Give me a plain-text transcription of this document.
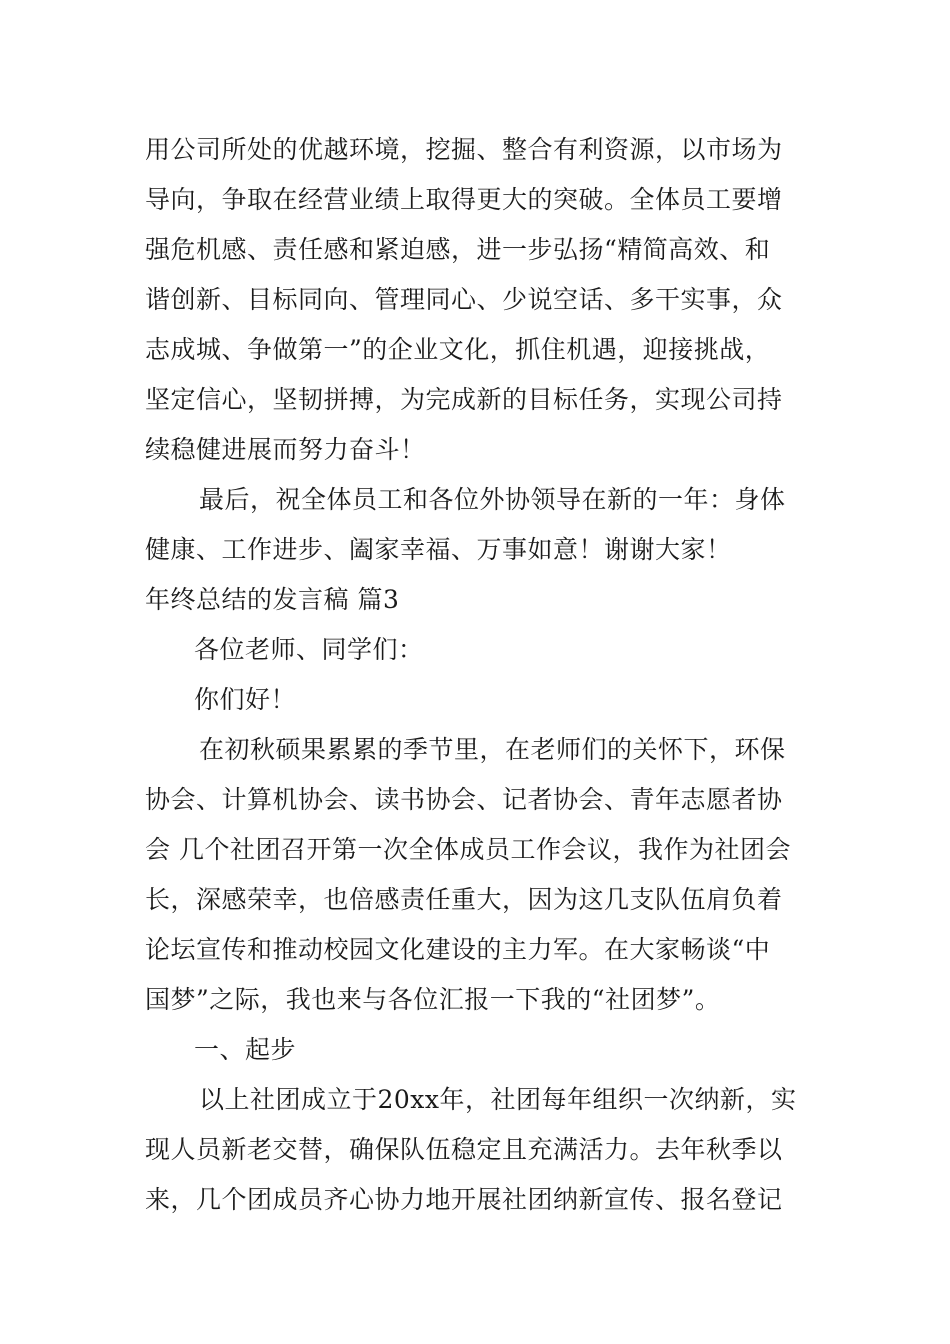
用公司所处的优越环境，挖掘、整合有利资源，以市场为
导向，争取在经营业绩上取得更大的突破。全体员工要增
强危机感、责任感和紧迫感，进一步弘扬“精简高效、和
谐创新、目标同向、管理同心、少说空话、多干实事，众
志成城、争做第一”的企业文化，抓住机遇，迎接挑战，
坚定信心，坚韧拼搏，为完成新的目标任务，实现公司持
续稳健进展而努力奋斗！
最后，祝全体员工和各位外协领导在新的一年：身体
健康、工作进步、阖家幸福、万事如意！谢谢大家！
年终总结的发言稿 篇3
各位老师、同学们：
你们好！
在初秋硕果累累的季节里，在老师们的关怀下，环保
协会、计算机协会、读书协会、记者协会、青年志愿者协
会 几个社团召开第一次全体成员工作会议，我作为社团会
长，深感荣幸，也倍感责任重大，因为这几支队伍肩负着
论坛宣传和推动校园文化建设的主力军。在大家畅谈“中
国梦”之际，我也来与各位汇报一下我的“社团梦”。
一、起步
以上社团成立于20xx年，社团每年组织一次纳新，实
现人员新老交替，确保队伍稳定且充满活力。去年秋季以
来，几个团成员齐心协力地开展社团纳新宣传、报名登记
